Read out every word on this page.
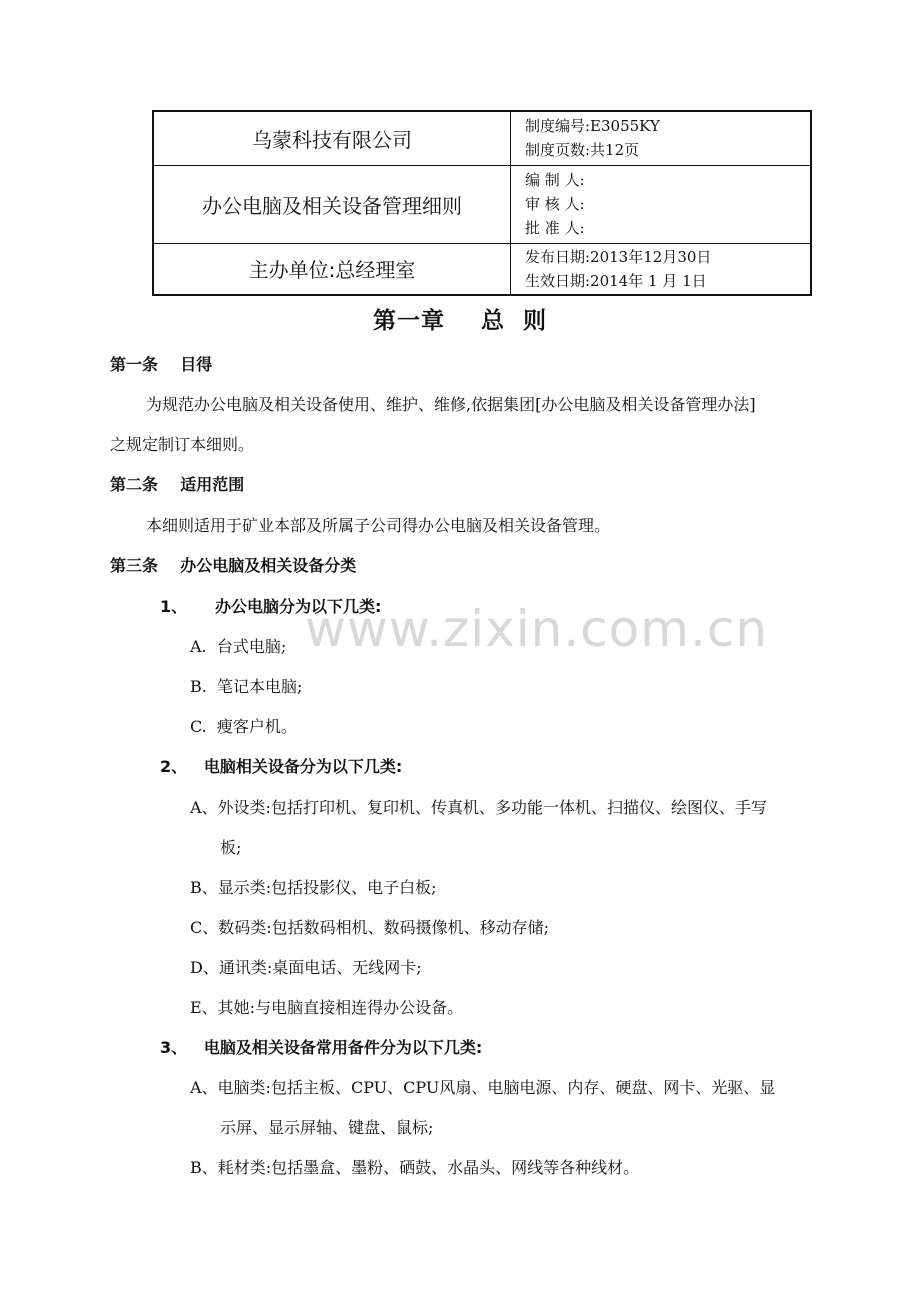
乌蒙科技有限公司	制度编号:E3055KY
制度页数:共12页

办公电脑及相关设备管理细则	编 制 人:
审 核 人:
批 准 人:

主办单位:总经理室	发布日期:2013年12月30日
生效日期:2014年 1 月 1日
第一章    总  则
第一条    目得
为规范办公电脑及相关设备使用、维护、维修,依据集团[办公电脑及相关设备管理办法]
之规定制订本细则。
第二条    适用范围
本细则适用于矿业本部及所属子公司得办公电脑及相关设备管理。
第三条    办公电脑及相关设备分类
1、     办公电脑分为以下几类:
A.  台式电脑;
B.  笔记本电脑;
C.  瘦客户机。
2、   电脑相关设备分为以下几类:
A、外设类:包括打印机、复印机、传真机、多功能一体机、扫描仪、绘图仪、手写
板;
B、显示类:包括投影仪、电子白板;
C、数码类:包括数码相机、数码摄像机、移动存储;
D、通讯类:桌面电话、无线网卡;
E、其她:与电脑直接相连得办公设备。
3、   电脑及相关设备常用备件分为以下几类:
A、电脑类:包括主板、CPU、CPU风扇、电脑电源、内存、硬盘、网卡、光驱、显
示屏、显示屏轴、键盘、鼠标;
B、耗材类:包括墨盒、墨粉、硒鼓、水晶头、网线等各种线材。
www.zixin.com.cn
